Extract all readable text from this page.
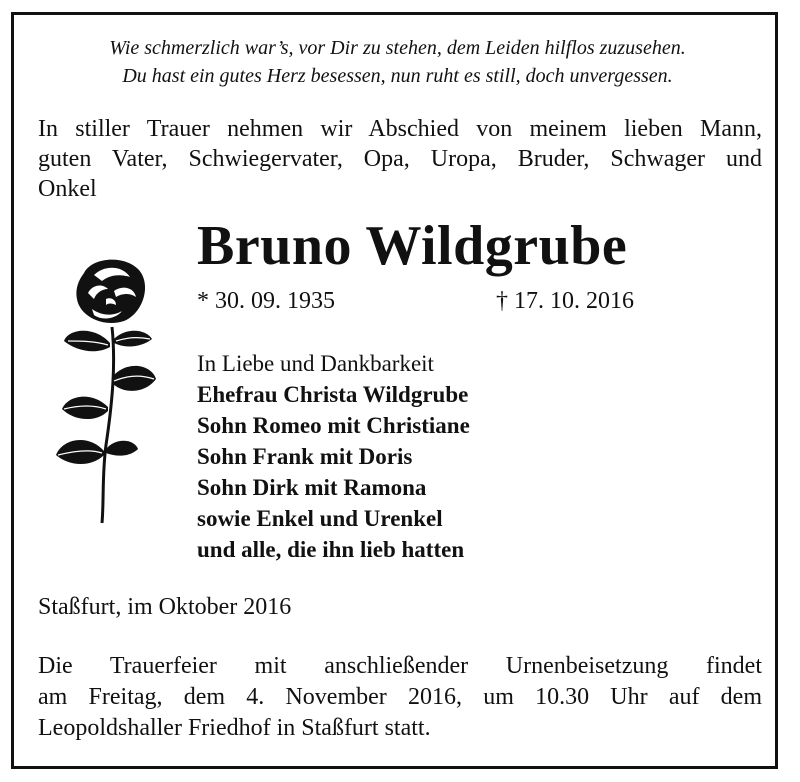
Wie schmerzlich war’s, vor Dir zu stehen, dem Leiden hilflos zuzusehen.
Du hast ein gutes Herz besessen, nun ruht es still, doch unvergessen.
In stiller Trauer nehmen wir Abschied von meinem lieben Mann,
guten Vater, Schwiegervater, Opa, Uropa, Bruder, Schwager und
Onkel
Bruno Wildgrube
* 30. 09. 1935	† 17. 10. 2016
In Liebe und Dankbarkeit
Ehefrau Christa Wildgrube
Sohn Romeo mit Christiane
Sohn Frank mit Doris
Sohn Dirk mit Ramona
sowie Enkel und Urenkel
und alle, die ihn lieb hatten
Staßfurt, im Oktober 2016
Die Trauerfeier mit anschließender Urnenbeisetzung findet
am Freitag, dem 4. November 2016, um 10.30 Uhr auf dem
Leopoldshaller Friedhof in Staßfurt statt.
